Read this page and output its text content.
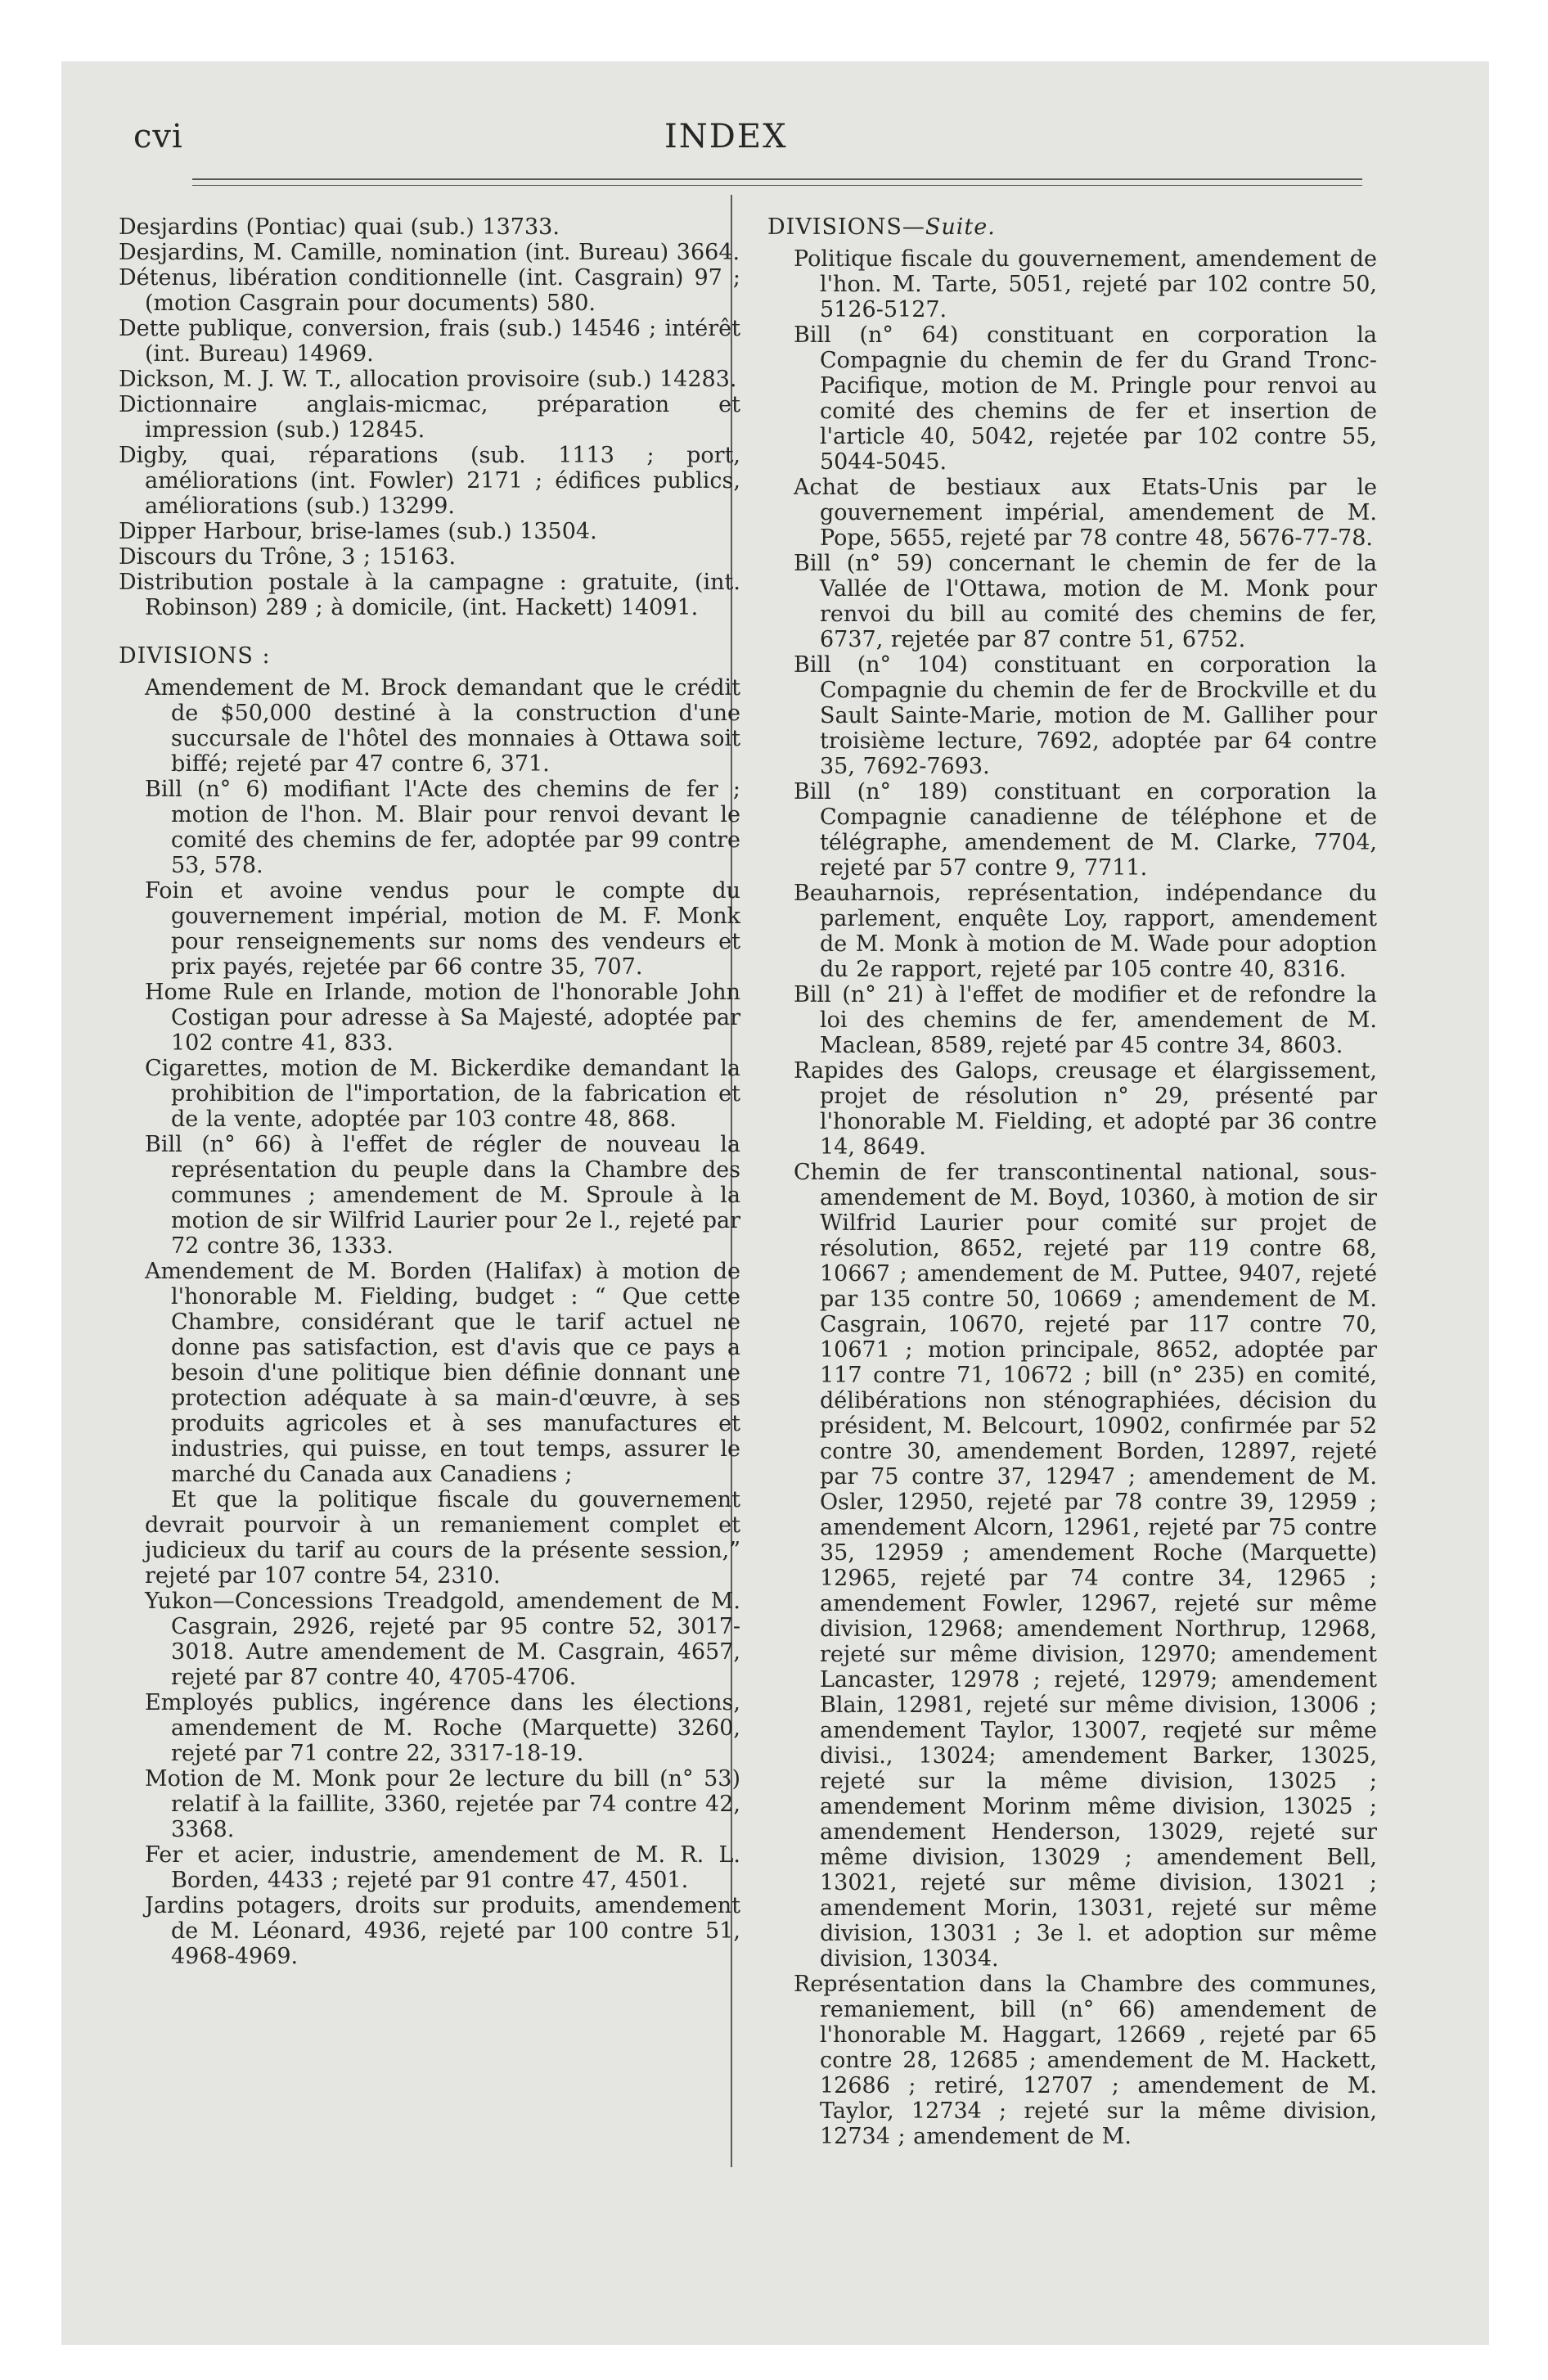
cvi	INDEX

Desjardins (Pontiac) quai (sub.) 13733.

Desjardins, M. Camille, nomination (int. Bureau) 3664.

Détenus, libération conditionnelle (int. Casgrain) 97 ; (motion Casgrain pour documents) 580.

Dette publique, conversion, frais (sub.) 14546 ; intérêt (int. Bureau) 14969.

Dickson, M. J. W. T., allocation provisoire (sub.) 14283.

Dictionnaire anglais-micmac, préparation et impression (sub.) 12845.

Digby, quai, réparations (sub. 1113 ; port, améliorations (int. Fowler) 2171 ; édifices publics, améliorations (sub.) 13299.

Dipper Harbour, brise-lames (sub.) 13504.

Discours du Trône, 3 ; 15163.

Distribution postale à la campagne : gratuite, (int. Robinson) 289 ; à domicile, (int. Hackett) 14091.

DIVISIONS :

Amendement de M. Brock demandant que le crédit de $50,000 destiné à la construction d'une succursale de l'hôtel des monnaies à Ottawa soit biffé; rejeté par 47 contre 6, 371.

Bill (n° 6) modifiant l'Acte des chemins de fer ; motion de l'hon. M. Blair pour renvoi devant le comité des chemins de fer, adoptée par 99 contre 53, 578.

Foin et avoine vendus pour le compte du gouvernement impérial, motion de M. F. Monk pour renseignements sur noms des vendeurs et prix payés, rejetée par 66 contre 35, 707.

Home Rule en Irlande, motion de l'honorable John Costigan pour adresse à Sa Majesté, adoptée par 102 contre 41, 833.

Cigarettes, motion de M. Bickerdike demandant la prohibition de l"importation, de la fabrication et de la vente, adoptée par 103 contre 48, 868.

Bill (n° 66) à l'effet de régler de nouveau la représentation du peuple dans la Chambre des communes ; amendement de M. Sproule à la motion de sir Wilfrid Laurier pour 2e l., rejeté par 72 contre 36, 1333.

Amendement de M. Borden (Halifax) à motion de l'honorable M. Fielding, budget : “ Que cette Chambre, considérant que le tarif actuel ne donne pas satisfaction, est d'avis que ce pays a besoin d'une politique bien définie donnant une protection adéquate à sa main-d'œuvre, à ses produits agricoles et à ses manufactures et industries, qui puisse, en tout temps, assurer le marché du Canada aux Canadiens ;

Et que la politique fiscale du gouvernement devrait pourvoir à un remaniement complet et judicieux du tarif au cours de la présente session,” rejeté par 107 contre 54, 2310.

Yukon—Concessions Treadgold, amendement de M. Casgrain, 2926, rejeté par 95 contre 52, 3017-3018. Autre amendement de M. Casgrain, 4657, rejeté par 87 contre 40, 4705-4706.

Employés publics, ingérence dans les élections, amendement de M. Roche (Marquette) 3260, rejeté par 71 contre 22, 3317-18-19.

Motion de M. Monk pour 2e lecture du bill (n° 53) relatif à la faillite, 3360, rejetée par 74 contre 42, 3368.

Fer et acier, industrie, amendement de M. R. L. Borden, 4433 ; rejeté par 91 contre 47, 4501.

Jardins potagers, droits sur produits, amendement de M. Léonard, 4936, rejeté par 100 contre 51, 4968-4969.

DIVISIONS—Suite.

Politique fiscale du gouvernement, amendement de l'hon. M. Tarte, 5051, rejeté par 102 contre 50, 5126-5127.

Bill (n° 64) constituant en corporation la Compagnie du chemin de fer du Grand Tronc-Pacifique, motion de M. Pringle pour renvoi au comité des chemins de fer et insertion de l'article 40, 5042, rejetée par 102 contre 55, 5044-5045.

Achat de bestiaux aux Etats-Unis par le gouvernement impérial, amendement de M. Pope, 5655, rejeté par 78 contre 48, 5676-77-78.

Bill (n° 59) concernant le chemin de fer de la Vallée de l'Ottawa, motion de M. Monk pour renvoi du bill au comité des chemins de fer, 6737, rejetée par 87 contre 51, 6752.

Bill (n° 104) constituant en corporation la Compagnie du chemin de fer de Brockville et du Sault Sainte-Marie, motion de M. Galliher pour troisième lecture, 7692, adoptée par 64 contre 35, 7692-7693.

Bill (n° 189) constituant en corporation la Compagnie canadienne de téléphone et de télégraphe, amendement de M. Clarke, 7704, rejeté par 57 contre 9, 7711.

Beauharnois, représentation, indépendance du parlement, enquête Loy, rapport, amendement de M. Monk à motion de M. Wade pour adoption du 2e rapport, rejeté par 105 contre 40, 8316.

Bill (n° 21) à l'effet de modifier et de refondre la loi des chemins de fer, amendement de M. Maclean, 8589, rejeté par 45 contre 34, 8603.

Rapides des Galops, creusage et élargissement, projet de résolution n° 29, présenté par l'honorable M. Fielding, et adopté par 36 contre 14, 8649.

Chemin de fer transcontinental national, sous-amendement de M. Boyd, 10360, à motion de sir Wilfrid Laurier pour comité sur projet de résolution, 8652, rejeté par 119 contre 68, 10667 ; amendement de M. Puttee, 9407, rejeté par 135 contre 50, 10669 ; amendement de M. Casgrain, 10670, rejeté par 117 contre 70, 10671 ; motion principale, 8652, adoptée par 117 contre 71, 10672 ; bill (n° 235) en comité, délibérations non sténographiées, décision du président, M. Belcourt, 10902, confirmée par 52 contre 30, amendement Borden, 12897, rejeté par 75 contre 37, 12947 ; amendement de M. Osler, 12950, rejeté par 78 contre 39, 12959 ; amendement Alcorn, 12961, rejeté par 75 contre 35, 12959 ; amendement Roche (Marquette) 12965, rejeté par 74 contre 34, 12965 ; amendement Fowler, 12967, rejeté sur même division, 12968; amendement Northrup, 12968, rejeté sur même division, 12970; amendement Lancaster, 12978 ; rejeté, 12979; amendement Blain, 12981, rejeté sur même division, 13006 ; amendement Taylor, 13007, reqjeté sur même divisi., 13024; amendement Barker, 13025, rejeté sur la même division, 13025 ; amendement Morinm même division, 13025 ; amendement Henderson, 13029, rejeté sur même division, 13029 ; amendement Bell, 13021, rejeté sur même division, 13021 ; amendement Morin, 13031, rejeté sur même division, 13031 ; 3e l. et adoption sur même division, 13034.

Représentation dans la Chambre des communes, remaniement, bill (n° 66) amendement de l'honorable M. Haggart, 12669 , rejeté par 65 contre 28, 12685 ; amendement de M. Hackett, 12686 ; retiré, 12707 ; amendement de M. Taylor, 12734 ; rejeté sur la même division, 12734 ; amendement de M.
